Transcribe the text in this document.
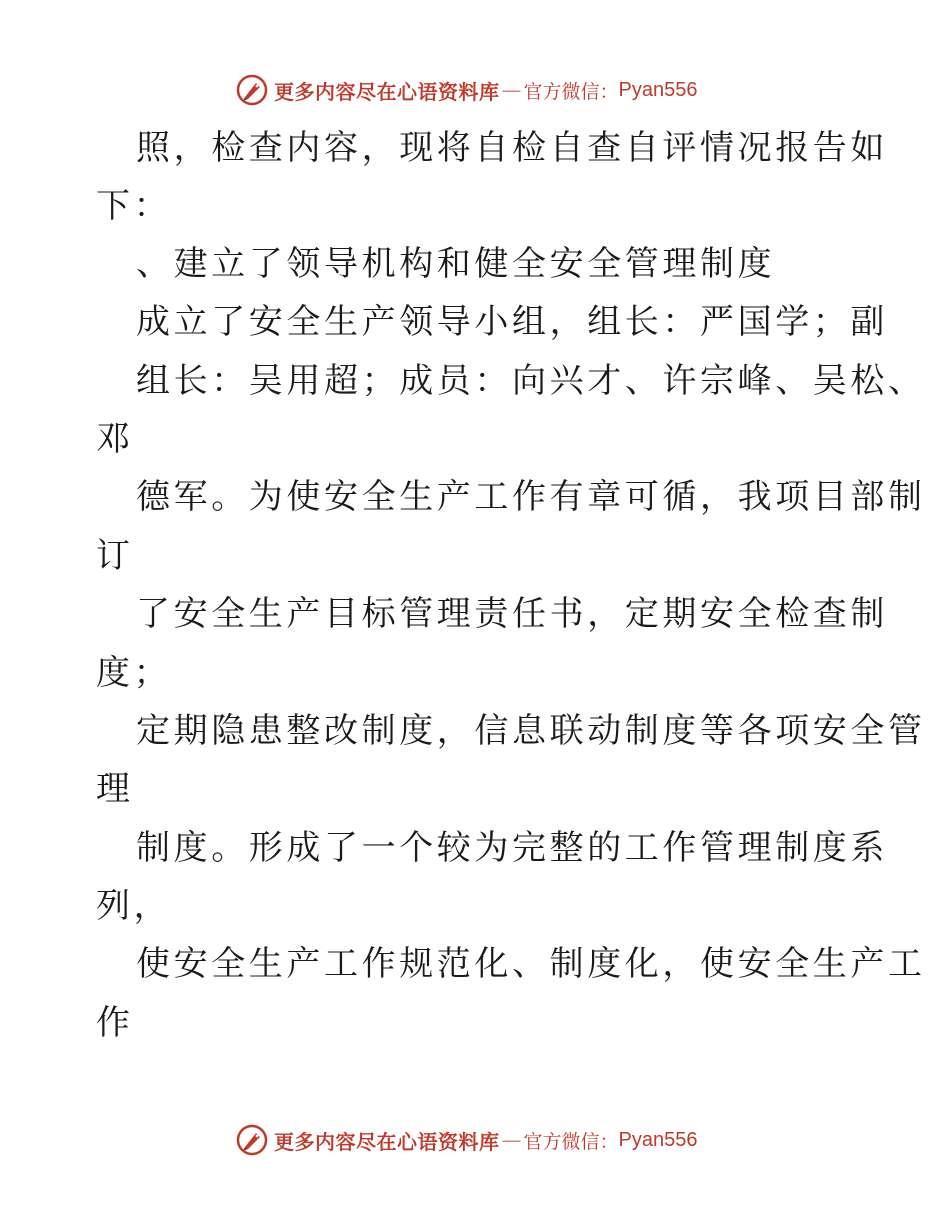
更多内容尽在心语资料库 — 官方微信： Pyan556
照，检查内容，现将自检自查自评情况报告如
下：
、建立了领导机构和健全安全管理制度
成立了安全生产领导小组，组长：严国学；副
组长：吴用超；成员：向兴才、许宗峰、吴松、
邓
德军。为使安全生产工作有章可循，我项目部制
订
了安全生产目标管理责任书，定期安全检查制
度；
定期隐患整改制度，信息联动制度等各项安全管
理
制度。形成了一个较为完整的工作管理制度系
列，
使安全生产工作规范化、制度化，使安全生产工
作
更多内容尽在心语资料库 — 官方微信： Pyan556
